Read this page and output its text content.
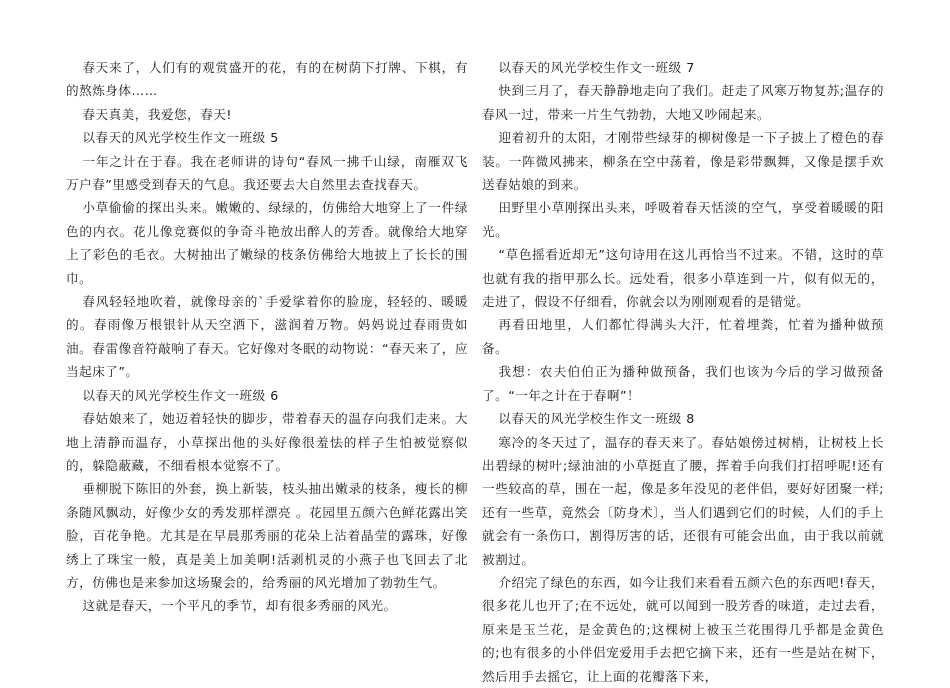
春天来了，人们有的观赏盛开的花，有的在树荫下打牌、下棋，有的熬炼身体……

春天真美，我爱您，春天!

以春天的风光学校生作文一班级 5

一年之计在于春。我在老师讲的诗句“春风一拂千山绿，南雁双飞万户春”里感受到春天的气息。我还要去大自然里去查找春天。

小草偷偷的探出头来。嫩嫩的、绿绿的，仿佛给大地穿上了一件绿色的内衣。花儿像竞赛似的争奇斗艳放出醉人的芳香。就像给大地穿上了彩色的毛衣。大树抽出了嫩绿的枝条仿佛给大地披上了长长的围巾。

春风轻轻地吹着，就像母亲的`手爱挲着你的脸庞，轻轻的、暖暖的。春雨像万根银针从天空洒下，滋润着万物。妈妈说过春雨贵如油。春雷像音符敲响了春天。它好像对冬眠的动物说：“春天来了，应当起床了”。

以春天的风光学校生作文一班级 6

春姑娘来了，她迈着轻快的脚步，带着春天的温存向我们走来。大地上清静而温存，小草探出他的头好像很羞怯的样子生怕被觉察似的，躲隐蔽藏，不细看根本觉察不了。

垂柳脱下陈旧的外套，换上新装，枝头抽出嫩录的枝条，瘦长的柳条随风飘动，好像少女的秀发那样漂亮 。花园里五颜六色鲜花露出笑脸，百花争艳。尤其是在早晨那秀丽的花朵上沾着晶莹的露珠，好像绣上了珠宝一般，真是美上加美啊!活剥机灵的小燕子也飞回去了北方，仿佛也是来参加这场聚会的，给秀丽的风光增加了勃勃生气。

这就是春天，一个平凡的季节，却有很多秀丽的风光。

以春天的风光学校生作文一班级 7

快到三月了，春天静静地走向了我们。赶走了风寒万物复苏;温存的春风一过，带来一片生气勃勃，大地又吵闹起来。

迎着初升的太阳，才刚带些绿芽的柳树像是一下子披上了橙色的春装。一阵微风拂来，柳条在空中荡着，像是彩带飘舞，又像是摆手欢送春姑娘的到来。

田野里小草刚探出头来，呼吸着春天恬淡的空气，享受着暖暖的阳光。

“草色摇看近却无”这句诗用在这儿再恰当不过来。不错，这时的草也就有我的指甲那么长。远处看，很多小草连到一片，似有似无的，走进了，假设不仔细看，你就会以为刚刚观看的是错觉。

再看田地里，人们都忙得满头大汗，忙着埋粪，忙着为播种做预备。

我想：农夫伯伯正为播种做预备，我们也该为今后的学习做预备了。“一年之计在于春啊”！

以春天的风光学校生作文一班级 8

寒冷的冬天过了，温存的春天来了。春姑娘傍过树梢，让树枝上长出碧绿的树叶;绿油油的小草挺直了腰，挥着手向我们打招呼呢!还有一些较高的草，围在一起，像是多年没见的老伴侣，要好好团聚一样;还有一些草，竟然会〔防身术〕，当人们遇到它们的时候，人们的手上就会有一条伤口，割得厉害的话，还很有可能会出血，由于我以前就被割过。

介绍完了绿色的东西，如今让我们来看看五颜六色的东西吧!春天，很多花儿也开了;在不远处，就可以闻到一股芳香的味道，走过去看，原来是玉兰花，是金黄色的;这棵树上被玉兰花围得几乎都是金黄色的;也有很多的小伴侣宠爱用手去把它摘下来，还有一些是站在树下，然后用手去摇它，让上面的花瓣落下来，
